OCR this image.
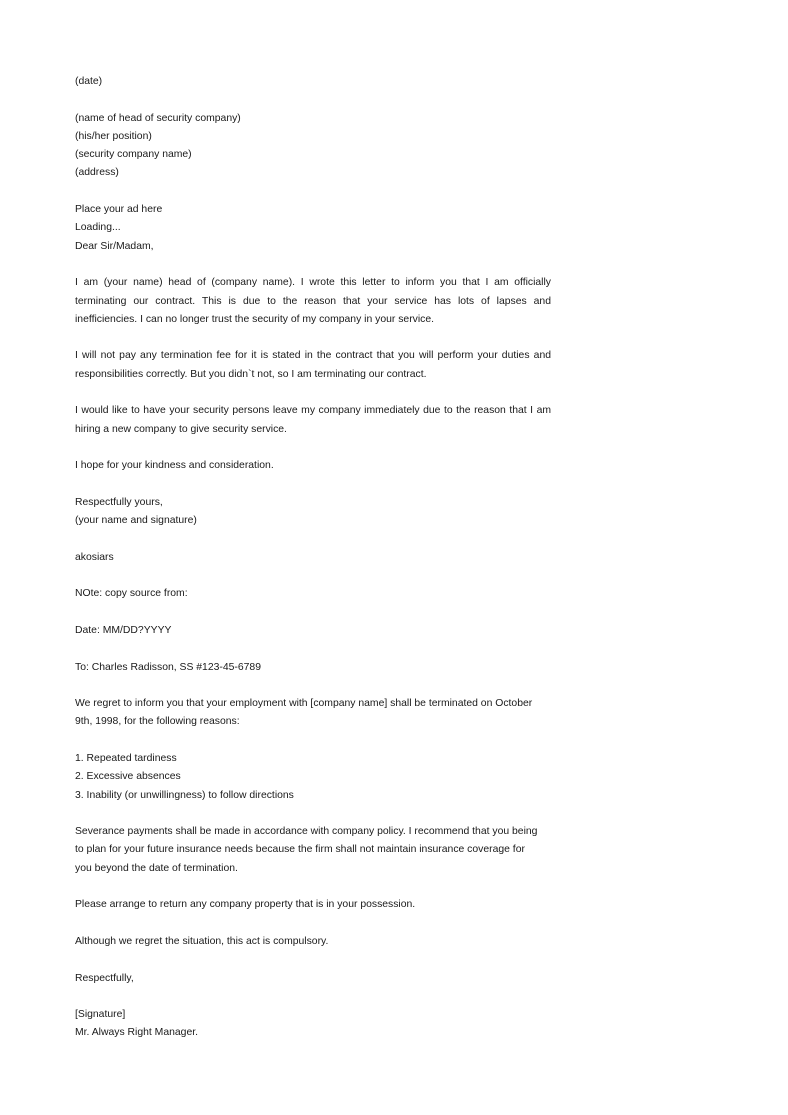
(date)
(name of head of security company)
(his/her position)
(security company name)
(address)
Place your ad here
Loading...
Dear Sir/Madam,
I am (your name) head of (company name). I wrote this letter to inform you that I am officially terminating our contract. This is due to the reason that your service has lots of lapses and inefficiencies. I can no longer trust the security of my company in your service.
I will not pay any termination fee for it is stated in the contract that you will perform your duties and responsibilities correctly. But you didn`t not, so I am terminating our contract.
I would like to have your security persons leave my company immediately due to the reason that I am hiring a new company to give security service.
I hope for your kindness and consideration.
Respectfully yours,
(your name and signature)
akosiars
NOte: copy source from:
Date: MM/DD?YYYY
To: Charles Radisson, SS #123-45-6789
We regret to inform you that your employment with [company name] shall be terminated on October
9th, 1998, for the following reasons:
1. Repeated tardiness
2. Excessive absences
3. Inability (or unwillingness) to follow directions
Severance payments shall be made in accordance with company policy. I recommend that you being
to plan for your future insurance needs because the firm shall not maintain insurance coverage for
you beyond the date of termination.
Please arrange to return any company property that is in your possession.
Although we regret the situation, this act is compulsory.
Respectfully,
[Signature]
Mr. Always Right Manager.
